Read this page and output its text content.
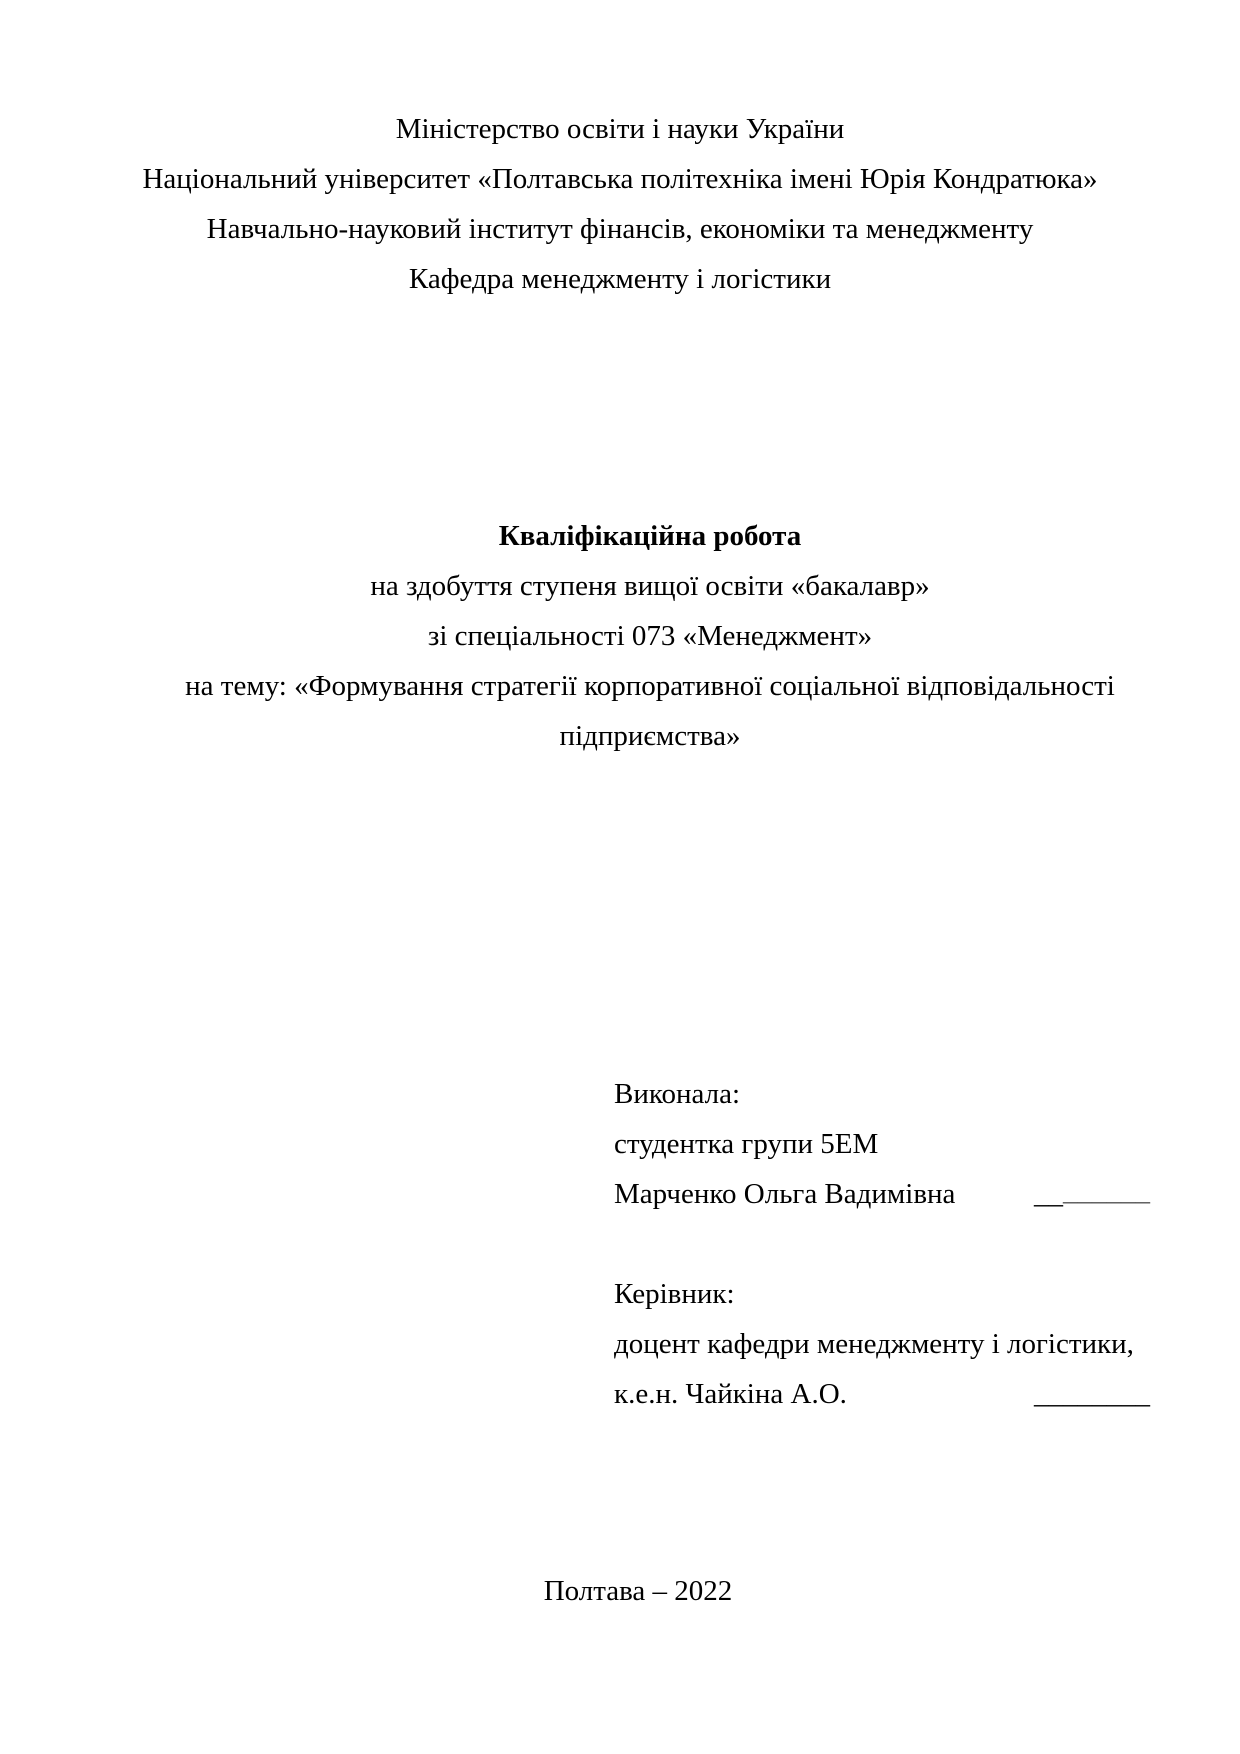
Міністерство освіти і науки України
Національний університет «Полтавська політехніка імені Юрія Кондратюка»
Навчально-науковий інститут фінансів, економіки та менеджменту
Кафедра менеджменту і логістики
Кваліфікаційна робота
на здобуття ступеня вищої освіти «бакалавр»
зі спеціальності 073 «Менеджмент»
на тему: «Формування стратегії корпоративної соціальної відповідальності
підприємства»
Виконала:
студентка групи 5ЕМ
Марченко Ольга Вадимівна	________
Керівник:
доцент кафедри менеджменту і логістики,
к.е.н. Чайкіна А.О.	________
Полтава – 2022
